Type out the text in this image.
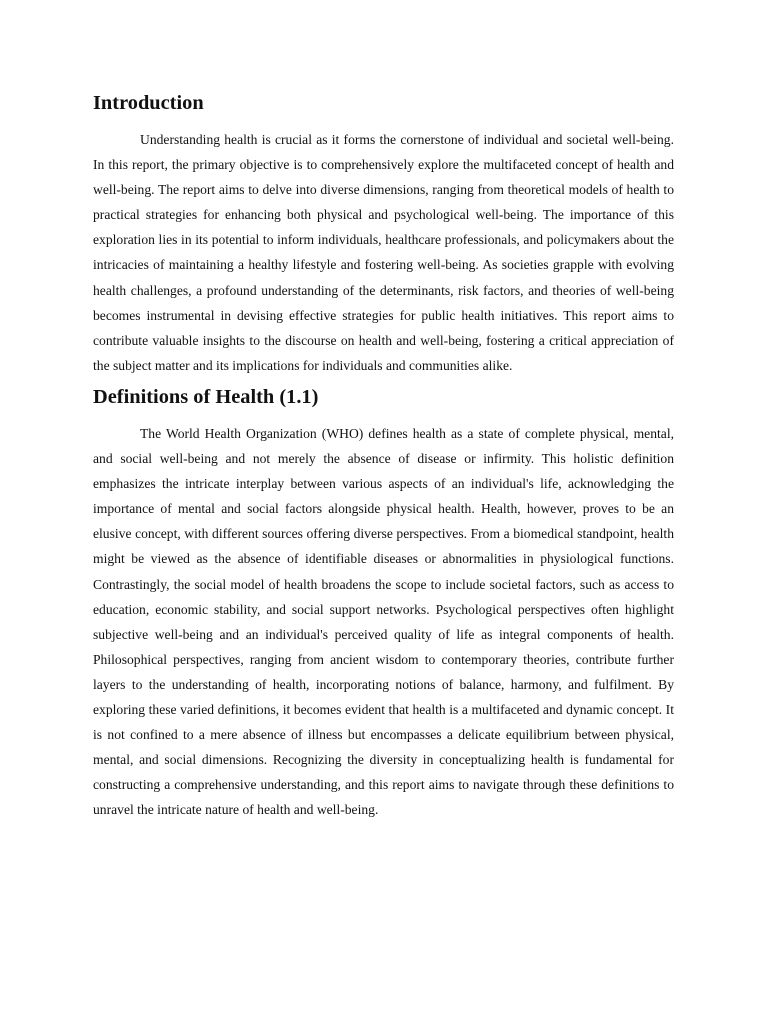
Introduction

Understanding health is crucial as it forms the cornerstone of individual and societal well-being. In this report, the primary objective is to comprehensively explore the multifaceted concept of health and well-being. The report aims to delve into diverse dimensions, ranging from theoretical models of health to practical strategies for enhancing both physical and psychological well-being. The importance of this exploration lies in its potential to inform individuals, healthcare professionals, and policymakers about the intricacies of maintaining a healthy lifestyle and fostering well-being. As societies grapple with evolving health challenges, a profound understanding of the determinants, risk factors, and theories of well-being becomes instrumental in devising effective strategies for public health initiatives. This report aims to contribute valuable insights to the discourse on health and well-being, fostering a critical appreciation of the subject matter and its implications for individuals and communities alike.

Definitions of Health (1.1)

The World Health Organization (WHO) defines health as a state of complete physical, mental, and social well-being and not merely the absence of disease or infirmity. This holistic definition emphasizes the intricate interplay between various aspects of an individual's life, acknowledging the importance of mental and social factors alongside physical health. Health, however, proves to be an elusive concept, with different sources offering diverse perspectives. From a biomedical standpoint, health might be viewed as the absence of identifiable diseases or abnormalities in physiological functions. Contrastingly, the social model of health broadens the scope to include societal factors, such as access to education, economic stability, and social support networks. Psychological perspectives often highlight subjective well-being and an individual's perceived quality of life as integral components of health. Philosophical perspectives, ranging from ancient wisdom to contemporary theories, contribute further layers to the understanding of health, incorporating notions of balance, harmony, and fulfilment. By exploring these varied definitions, it becomes evident that health is a multifaceted and dynamic concept. It is not confined to a mere absence of illness but encompasses a delicate equilibrium between physical, mental, and social dimensions. Recognizing the diversity in conceptualizing health is fundamental for constructing a comprehensive understanding, and this report aims to navigate through these definitions to unravel the intricate nature of health and well-being.
